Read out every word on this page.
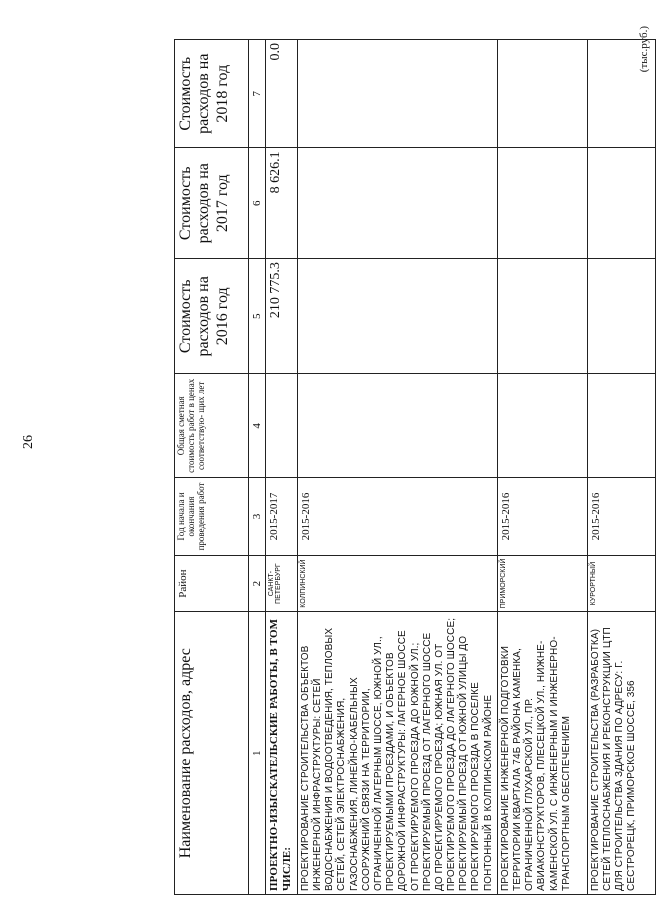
26
(тыс.руб.)
Наименование расходов, адрес	Район	Год начала и окончания проведения работ	Общая сметная стоимость работ в ценах соответствую- щих лет	Стоимость расходов на 2016 год	Стоимость расходов на 2017 год	Стоимость расходов на 2018 год
1	2	3	4	5	6	7
ПРОЕКТНО-ИЗЫСКАТЕЛЬСКИЕ РАБОТЫ, В ТОМ ЧИСЛЕ:	САНКТ-ПЕТЕРБУРГ	2015-2017		210 775.3	8 626.1	0.0
ПРОЕКТИРОВАНИЕ СТРОИТЕЛЬСТВА ОБЪЕКТОВ ИНЖЕНЕРНОЙ ИНФРАСТРУКТУРЫ: СЕТЕЙ ВОДОСНАБЖЕНИЯ И ВОДООТВЕДЕНИЯ, ТЕПЛОВЫХ СЕТЕЙ, СЕТЕЙ ЭЛЕКТРОСНАБЖЕНИЯ, ГАЗОСНАБЖЕНИЯ, ЛИНЕЙНО-КАБЕЛЬНЫХ СООРУЖЕНИЙ СВЯЗИ НА ТЕРРИТОРИИ, ОГРАНИЧЕННОЙ ЛАГЕРНЫМ ШОССЕ, ЮЖНОЙ УЛ., ПРОЕКТИРУЕМЫМИ ПРОЕЗДАМИ, И ОБЪЕКТОВ ДОРОЖНОЙ ИНФРАСТРУКТУРЫ: ЛАГЕРНОЕ ШОССЕ ОТ ПРОЕКТИРУЕМОГО ПРОЕЗДА ДО ЮЖНОЙ УЛ.; ПРОЕКТИРУЕМЫЙ ПРОЕЗД ОТ ЛАГЕРНОГО ШОССЕ ДО ПРОЕКТИРУЕМОГО ПРОЕЗДА; ЮЖНАЯ УЛ. ОТ ПРОЕКТИРУЕМОГО ПРОЕЗДА ДО ЛАГЕРНОГО ШОССЕ; ПРОЕКТИРУЕМЫЙ ПРОЕЗД ОТ ЮЖНОЙ УЛИЦЫ ДО ПРОЕКТИРУЕМОГО ПРОЕЗДА В ПОСЕЛКЕ ПОНТОННЫЙ В КОЛПИНСКОМ РАЙОНЕ	КОЛПИНСКИЙ	2015-2016				
ПРОЕКТИРОВАНИЕ ИНЖЕНЕРНОЙ ПОДГОТОВКИ ТЕРРИТОРИИ КВАРТАЛА 74Б РАЙОНА КАМЕНКА, ОГРАНИЧЕННОЙ ГЛУХАРСКОЙ УЛ., ПР. АВИАКОНСТРУКТОРОВ, ПЛЕСЕЦКОЙ УЛ., НИЖНЕ-КАМЕНСКОЙ УЛ. С ИНЖЕНЕРНЫМ И ИНЖЕНЕРНО-ТРАНСПОРТНЫМ ОБЕСПЕЧЕНИЕМ	ПРИМОРСКИЙ	2015-2016				
ПРОЕКТИРОВАНИЕ СТРОИТЕЛЬСТВА (РАЗРАБОТКА) СЕТЕЙ ТЕПЛОСНАБЖЕНИЯ И РЕКОНСТРУКЦИИ ЦТП ДЛЯ СТРОИТЕЛЬСТВА ЗДАНИЯ ПО АДРЕСУ: Г. СЕСТРОРЕЦК, ПРИМОРСКОЕ ШОССЕ, 356	КУРОРТНЫЙ	2015-2016				
